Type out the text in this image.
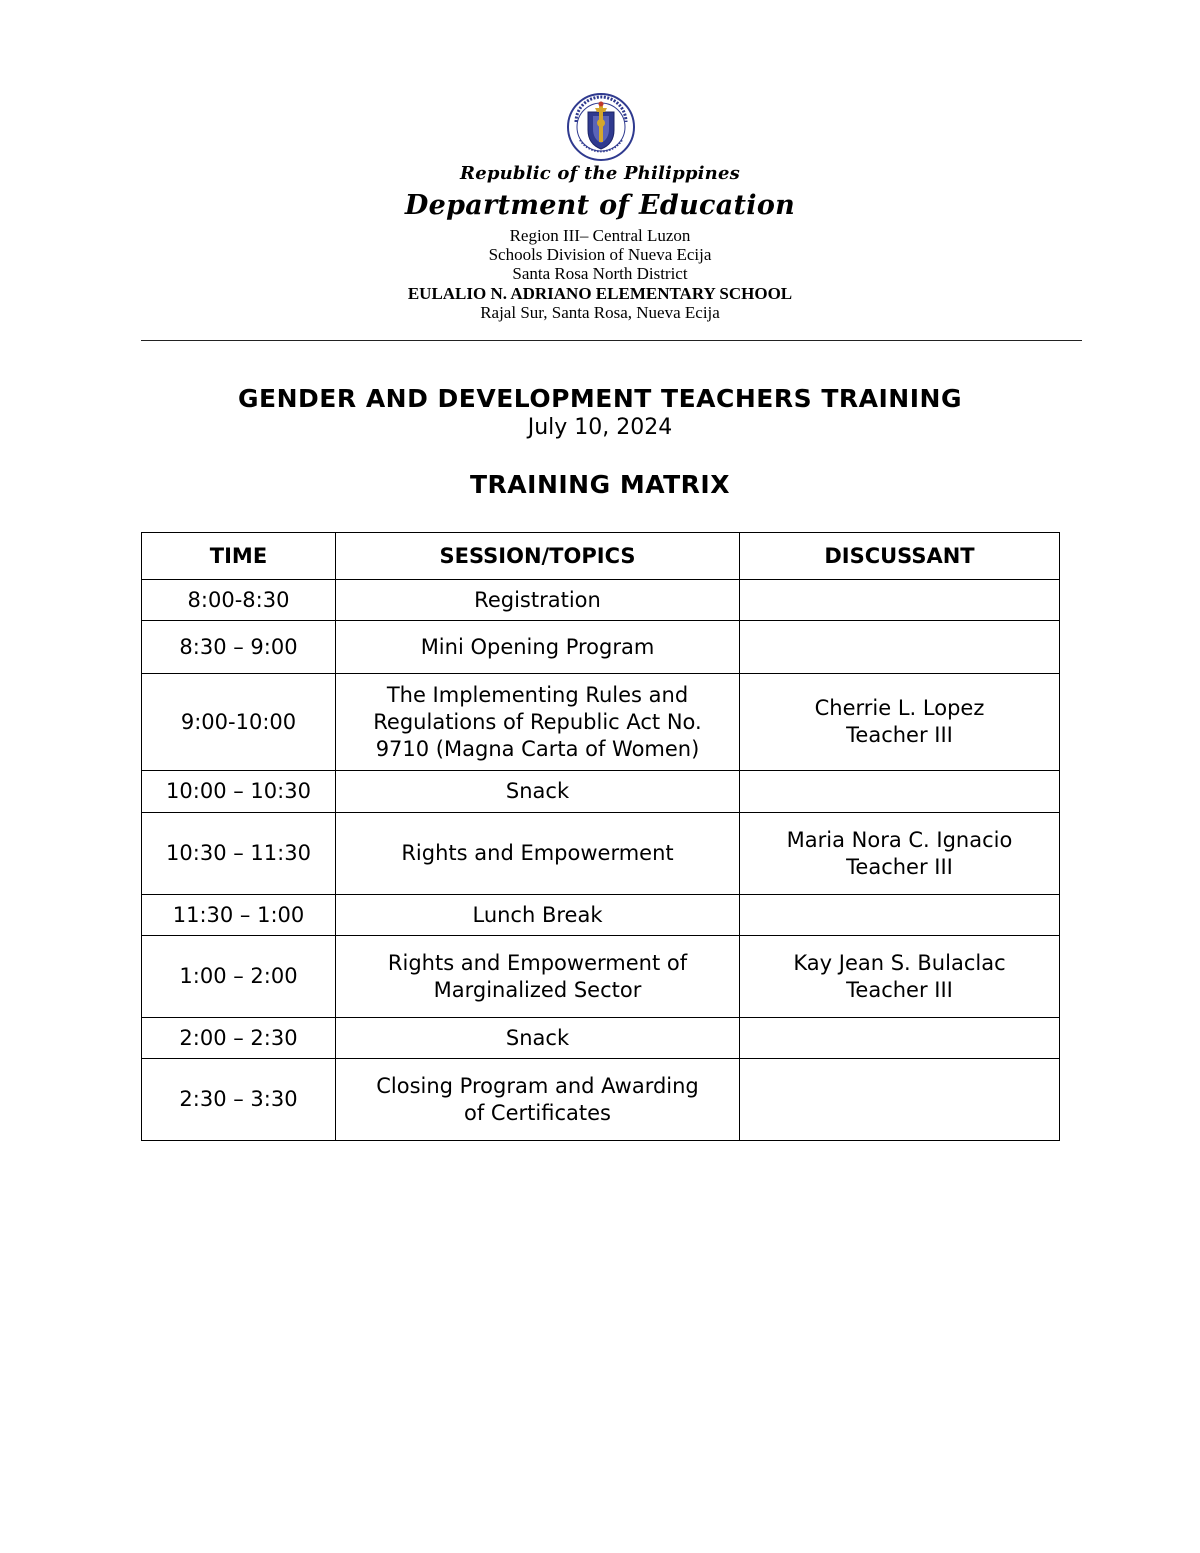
Republic of the Philippines
Department of Education
Region III– Central Luzon
Schools Division of Nueva Ecija
Santa Rosa North District
EULALIO N. ADRIANO ELEMENTARY SCHOOL
Rajal Sur, Santa Rosa, Nueva Ecija
GENDER AND DEVELOPMENT TEACHERS TRAINING
July 10, 2024
TRAINING MATRIX
TIME	SESSION/TOPICS	DISCUSSANT
8:00-8:30	Registration	

8:30 – 9:00	Mini Opening Program	

9:00-10:00	The Implementing Rules and
Regulations of Republic Act No.
9710 (Magna Carta of Women)	Cherrie L. Lopez
Teacher III

10:00 – 10:30	Snack	

10:30 – 11:30	Rights and Empowerment	Maria Nora C. Ignacio
Teacher III

11:30 – 1:00	Lunch Break	

1:00 – 2:00	Rights and Empowerment of
Marginalized Sector	Kay Jean S. Bulaclac
Teacher III

2:00 – 2:30	Snack	

2:30 – 3:30	Closing Program and Awarding
of Certificates	
